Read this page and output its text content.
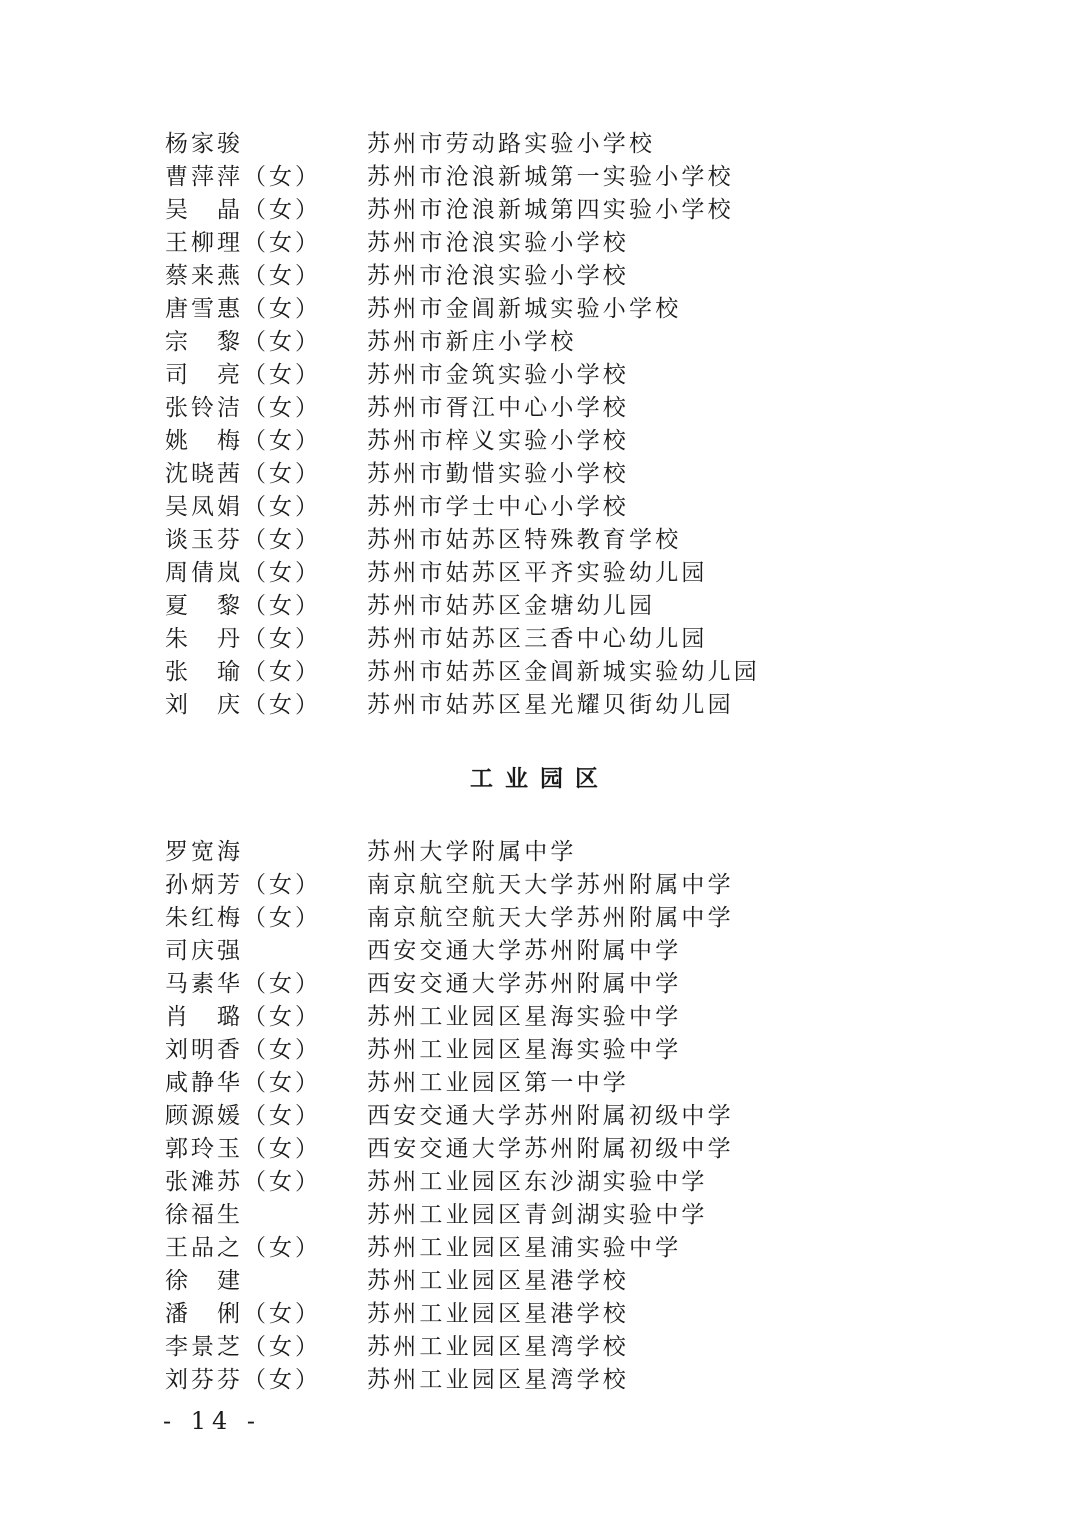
杨家骏	苏州市劳动路实验小学校
曹萍萍（女）	苏州市沧浪新城第一实验小学校
吴　晶（女）	苏州市沧浪新城第四实验小学校
王柳理（女）	苏州市沧浪实验小学校
蔡来燕（女）	苏州市沧浪实验小学校
唐雪惠（女）	苏州市金阊新城实验小学校
宗　黎（女）	苏州市新庄小学校
司　亮（女）	苏州市金筑实验小学校
张铃洁（女）	苏州市胥江中心小学校
姚　梅（女）	苏州市梓义实验小学校
沈晓茜（女）	苏州市勤惜实验小学校
吴凤娟（女）	苏州市学士中心小学校
谈玉芬（女）	苏州市姑苏区特殊教育学校
周倩岚（女）	苏州市姑苏区平齐实验幼儿园
夏　黎（女）	苏州市姑苏区金塘幼儿园
朱　丹（女）	苏州市姑苏区三香中心幼儿园
张　瑜（女）	苏州市姑苏区金阊新城实验幼儿园
刘　庆（女）	苏州市姑苏区星光耀贝街幼儿园
工业园区
罗宽海	苏州大学附属中学
孙炳芳（女）	南京航空航天大学苏州附属中学
朱红梅（女）	南京航空航天大学苏州附属中学
司庆强	西安交通大学苏州附属中学
马素华（女）	西安交通大学苏州附属中学
肖　璐（女）	苏州工业园区星海实验中学
刘明香（女）	苏州工业园区星海实验中学
咸静华（女）	苏州工业园区第一中学
顾源媛（女）	西安交通大学苏州附属初级中学
郭玲玉（女）	西安交通大学苏州附属初级中学
张滩苏（女）	苏州工业园区东沙湖实验中学
徐福生	苏州工业园区青剑湖实验中学
王品之（女）	苏州工业园区星浦实验中学
徐　建	苏州工业园区星港学校
潘　俐（女）	苏州工业园区星港学校
李景芝（女）	苏州工业园区星湾学校
刘芬芬（女）	苏州工业园区星湾学校
- 14 -
